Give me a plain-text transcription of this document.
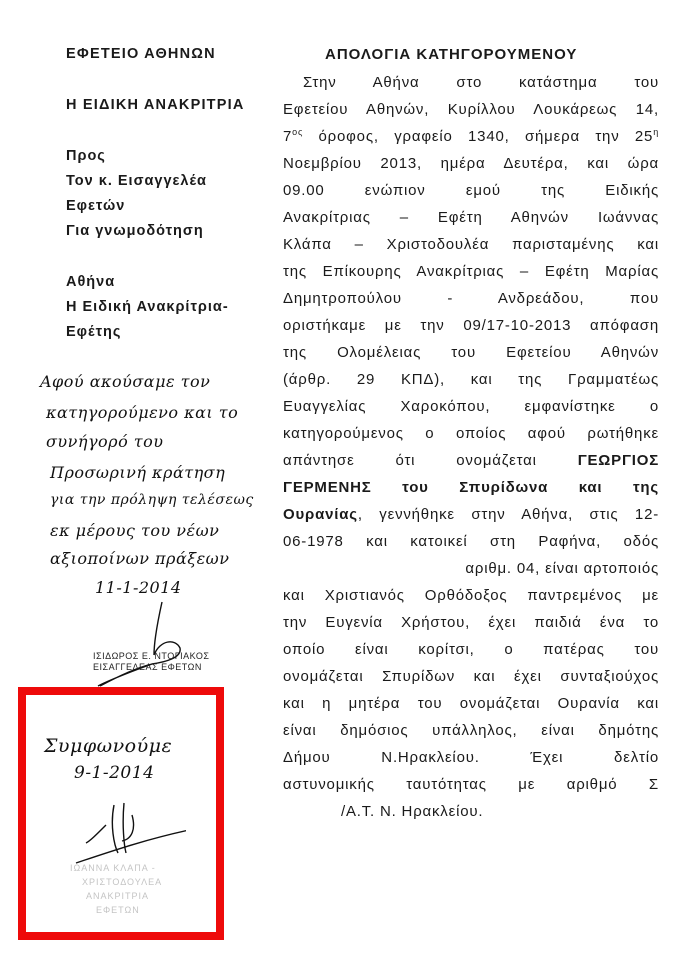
ΕΦΕΤΕΙΟ ΑΘΗΝΩΝ
Η ΕΙΔΙΚΗ ΑΝΑΚΡΙΤΡΙΑ
Προς
Τον κ. Εισαγγελέα
Εφετών
Για γνωμοδότηση
Αθήνα
Η Ειδική Ανακρίτρια-
Εφέτης
ΑΠΟΛΟΓΙΑ ΚΑΤΗΓΟΡΟΥΜΕΝΟΥ
Στην Αθήνα στο κατάστημα του
Εφετείου Αθηνών, Κυρίλλου Λουκάρεως 14,
$7^{o\varsigma}$ όροφος, γραφείο 1340, σήμερα την $25^\eta$
Νοεμβρίου 2013, ημέρα Δευτέρα, και ώρα
09.00 ενώπιον εμού της Ειδικής
Ανακρίτριας – Εφέτη Αθηνών Ιωάννας
Κλάπα – Χριστοδουλέα παρισταμένης και
της Επίκουρης Ανακρίτριας – Εφέτη Μαρίας
Δημητροπούλου - Ανδρεάδου, που
οριστήκαμε με την 09/17-10-2013 απόφαση
της Ολομέλειας του Εφετείου Αθηνών
(άρθρ. 29 ΚΠΔ), και της Γραμματέως
Ευαγγελίας Χαροκόπου, εμφανίστηκε ο
κατηγορούμενος ο οποίος αφού ρωτήθηκε
απάντησε ότι ονομάζεται	ΓΕΩΡΓΙΟΣ
ΓΕΡΜΕΝΗΣ του Σπυρίδωνα και της
Ουρανίας, γεννήθηκε στην Αθήνα, στις 12-
06-1978 και κατοικεί στη Ραφήνα, οδός
αριθμ. 04, είναι αρτοποιός
και Χριστιανός Ορθόδοξος παντρεμένος με
την Ευγενία Χρήστου, έχει παιδιά ένα το
οποίο είναι κορίτσι, ο πατέρας του
ονομάζεται Σπυρίδων και έχει συνταξιούχος
και η μητέρα του ονομάζεται Ουρανία και
είναι δημόσιος υπάλληλος, είναι δημότης
Δήμου Ν.Ηρακλείου. Έχει δελτίο
αστυνομικής ταυτότητας με αριθμό Σ
/Α.Τ. Ν. Ηρακλείου.
Αφού ακούσαμε τον
κατηγορούμενο και το
συνήγορό του
Προσωρινή κράτηση
για την πρόληψη τελέσεως
εκ μέρους του νέων
αξιοποίνων πράξεων
11-1-2014
ΙΣΙΔΩΡΟΣ Ε. ΝΤΟΓΙΑΚΟΣ
ΕΙΣΑΓΓΕΛΕΑΣ ΕΦΕΤΩΝ
Συμφωνούμε
9-1-2014
ΙΩΑΝΝΑ ΚΛΑΠΑ -
ΧΡΙΣΤΟΔΟΥΛΕΑ
ΑΝΑΚΡΙΤΡΙΑ
ΕΦΕΤΩΝ
